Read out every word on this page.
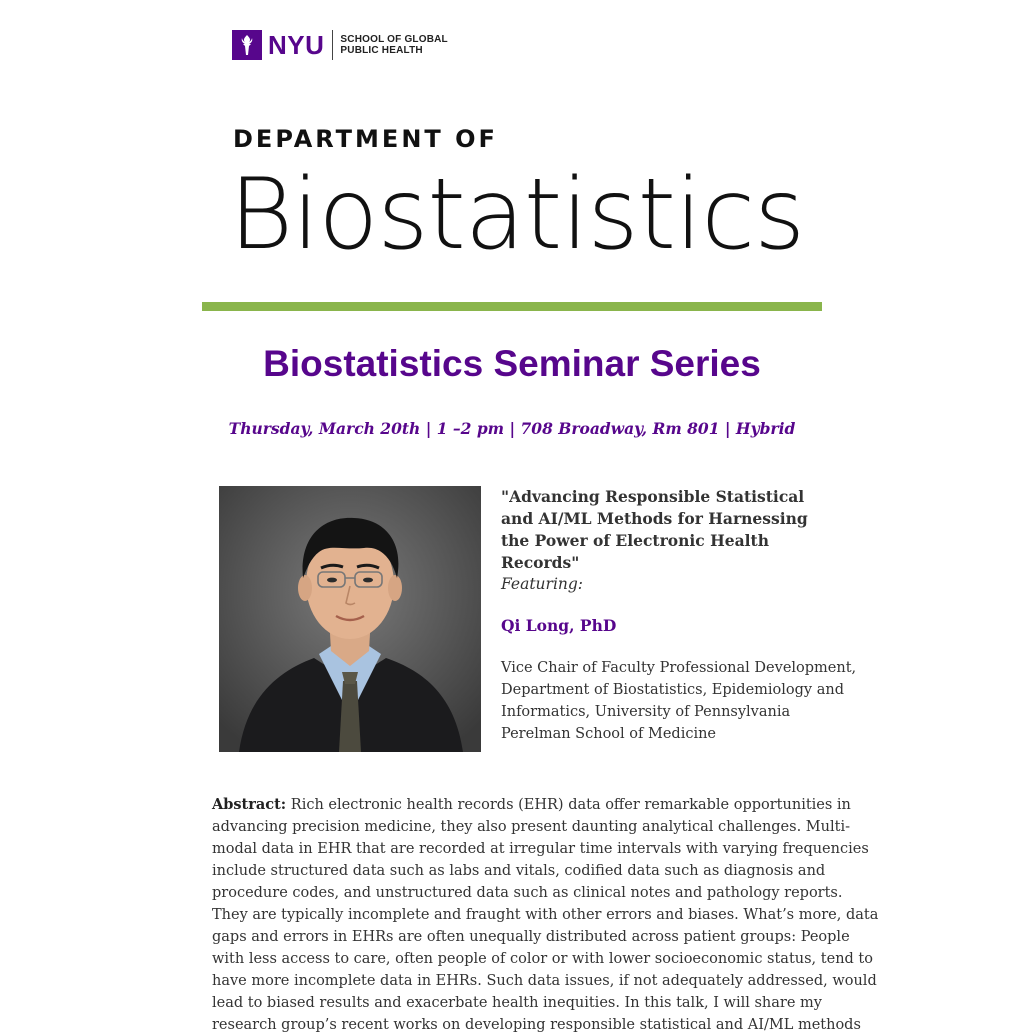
NYU SCHOOL OF GLOBAL
PUBLIC HEALTH
DEPARTMENT OF
Biostatistics
Biostatistics Seminar Series
Thursday, March 20th | 1 –2 pm | 708 Broadway, Rm 801 | Hybrid
"Advancing Responsible Statistical and AI/ML Methods for Harnessing the Power of Electronic Health Records"
Featuring:
Qi Long, PhD
Vice Chair of Faculty Professional Development,
Department of Biostatistics, Epidemiology and
Informatics, University of Pennsylvania
Perelman School of Medicine
Abstract: Rich electronic health records (EHR) data offer remarkable opportunities in
advancing precision medicine, they also present daunting analytical challenges. Multi-
modal data in EHR that are recorded at irregular time intervals with varying frequencies
include structured data such as labs and vitals, codified data such as diagnosis and
procedure codes, and unstructured data such as clinical notes and pathology reports.
They are typically incomplete and fraught with other errors and biases. What’s more, data
gaps and errors in EHRs are often unequally distributed across patient groups: People
with less access to care, often people of color or with lower socioeconomic status, tend to
have more incomplete data in EHRs. Such data issues, if not adequately addressed, would
lead to biased results and exacerbate health inequities. In this talk, I will share my
research group’s recent works on developing responsible statistical and AI/ML methods
